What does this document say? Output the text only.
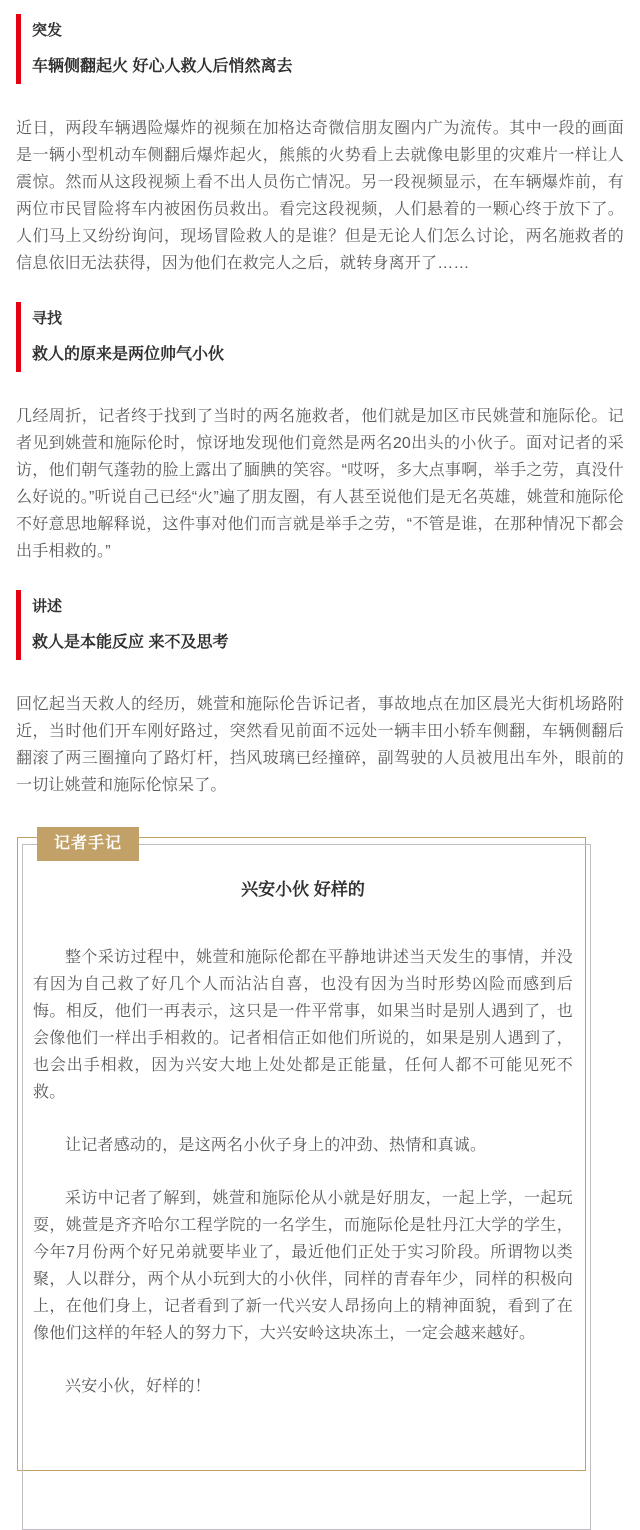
突发
车辆侧翻起火 好心人救人后悄然离去

近日，两段车辆遇险爆炸的视频在加格达奇微信朋友圈内广为流传。其中一段的画面是一辆小型机动车侧翻后爆炸起火，熊熊的火势看上去就像电影里的灾难片一样让人震惊。然而从这段视频上看不出人员伤亡情况。另一段视频显示，在车辆爆炸前，有两位市民冒险将车内被困伤员救出。看完这段视频，人们悬着的一颗心终于放下了。人们马上又纷纷询问，现场冒险救人的是谁？但是无论人们怎么讨论，两名施救者的信息依旧无法获得，因为他们在救完人之后，就转身离开了……

寻找
救人的原来是两位帅气小伙

几经周折，记者终于找到了当时的两名施救者，他们就是加区市民姚萱和施际伦。记者见到姚萱和施际伦时，惊讶地发现他们竟然是两名20出头的小伙子。面对记者的采访，他们朝气蓬勃的脸上露出了腼腆的笑容。“哎呀，多大点事啊，举手之劳，真没什么好说的。”听说自己已经“火”遍了朋友圈，有人甚至说他们是无名英雄，姚萱和施际伦不好意思地解释说，这件事对他们而言就是举手之劳，“不管是谁，在那种情况下都会出手相救的。”

讲述
救人是本能反应 来不及思考

回忆起当天救人的经历，姚萱和施际伦告诉记者，事故地点在加区晨光大街机场路附近，当时他们开车刚好路过，突然看见前面不远处一辆丰田小轿车侧翻，车辆侧翻后翻滚了两三圈撞向了路灯杆，挡风玻璃已经撞碎，副驾驶的人员被甩出车外，眼前的一切让姚萱和施际伦惊呆了。

记者手记
兴安小伙 好样的

整个采访过程中，姚萱和施际伦都在平静地讲述当天发生的事情，并没有因为自己救了好几个人而沾沾自喜，也没有因为当时形势凶险而感到后悔。相反，他们一再表示，这只是一件平常事，如果当时是别人遇到了，也会像他们一样出手相救的。记者相信正如他们所说的，如果是别人遇到了，也会出手相救，因为兴安大地上处处都是正能量，任何人都不可能见死不救。

让记者感动的，是这两名小伙子身上的冲劲、热情和真诚。

采访中记者了解到，姚萱和施际伦从小就是好朋友，一起上学，一起玩耍，姚萱是齐齐哈尔工程学院的一名学生，而施际伦是牡丹江大学的学生，今年7月份两个好兄弟就要毕业了，最近他们正处于实习阶段。所谓物以类聚，人以群分，两个从小玩到大的小伙伴，同样的青春年少，同样的积极向上，在他们身上，记者看到了新一代兴安人昂扬向上的精神面貌，看到了在像他们这样的年轻人的努力下，大兴安岭这块冻土，一定会越来越好。

兴安小伙，好样的！
